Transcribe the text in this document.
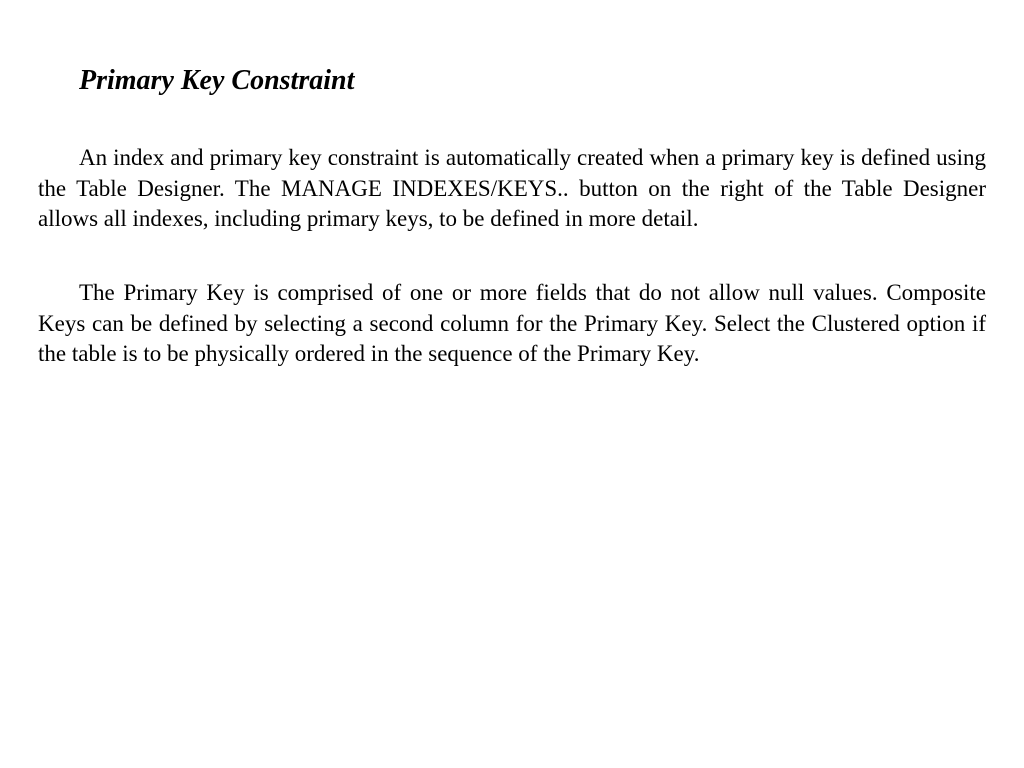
Primary Key Constraint

An index and primary key constraint is automatically created when a primary key is defined using the Table Designer. The MANAGE INDEXES/KEYS.. button on the right of the Table Designer allows all indexes, including primary keys, to be defined in more detail.

The Primary Key is comprised of one or more fields that do not allow null values. Composite Keys can be defined by selecting a second column for the Primary Key. Select the Clustered option if the table is to be physically ordered in the sequence of the Primary Key.
